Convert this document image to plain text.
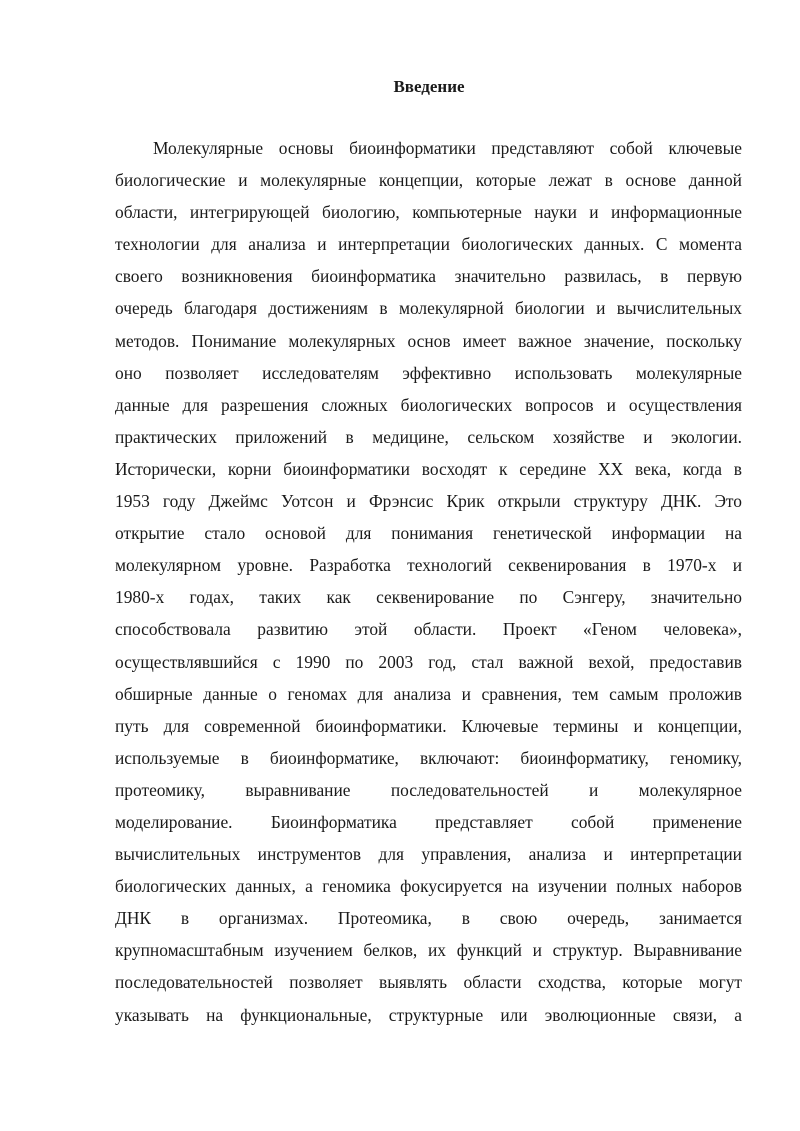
Введение
Молекулярные основы биоинформатики представляют собой ключевые
биологические и молекулярные концепции, которые лежат в основе данной
области, интегрирующей биологию, компьютерные науки и информационные
технологии для анализа и интерпретации биологических данных. С момента
своего возникновения биоинформатика значительно развилась, в первую
очередь благодаря достижениям в молекулярной биологии и вычислительных
методов. Понимание молекулярных основ имеет важное значение, поскольку
оно позволяет исследователям эффективно использовать молекулярные
данные для разрешения сложных биологических вопросов и осуществления
практических приложений в медицине, сельском хозяйстве и экологии.
Исторически, корни биоинформатики восходят к середине XX века, когда в
1953 году Джеймс Уотсон и Фрэнсис Крик открыли структуру ДНК. Это
открытие стало основой для понимания генетической информации на
молекулярном уровне. Разработка технологий секвенирования в 1970-х и
1980-х годах, таких как секвенирование по Сэнгеру, значительно
способствовала развитию этой области. Проект «Геном человека»,
осуществлявшийся с 1990 по 2003 год, стал важной вехой, предоставив
обширные данные о геномах для анализа и сравнения, тем самым проложив
путь для современной биоинформатики. Ключевые термины и концепции,
используемые в биоинформатике, включают: биоинформатику, геномику,
протеомику, выравнивание последовательностей и молекулярное
моделирование. Биоинформатика представляет собой применение
вычислительных инструментов для управления, анализа и интерпретации
биологических данных, а геномика фокусируется на изучении полных наборов
ДНК в организмах. Протеомика, в свою очередь, занимается
крупномасштабным изучением белков, их функций и структур. Выравнивание
последовательностей позволяет выявлять области сходства, которые могут
указывать на функциональные, структурные или эволюционные связи, а
